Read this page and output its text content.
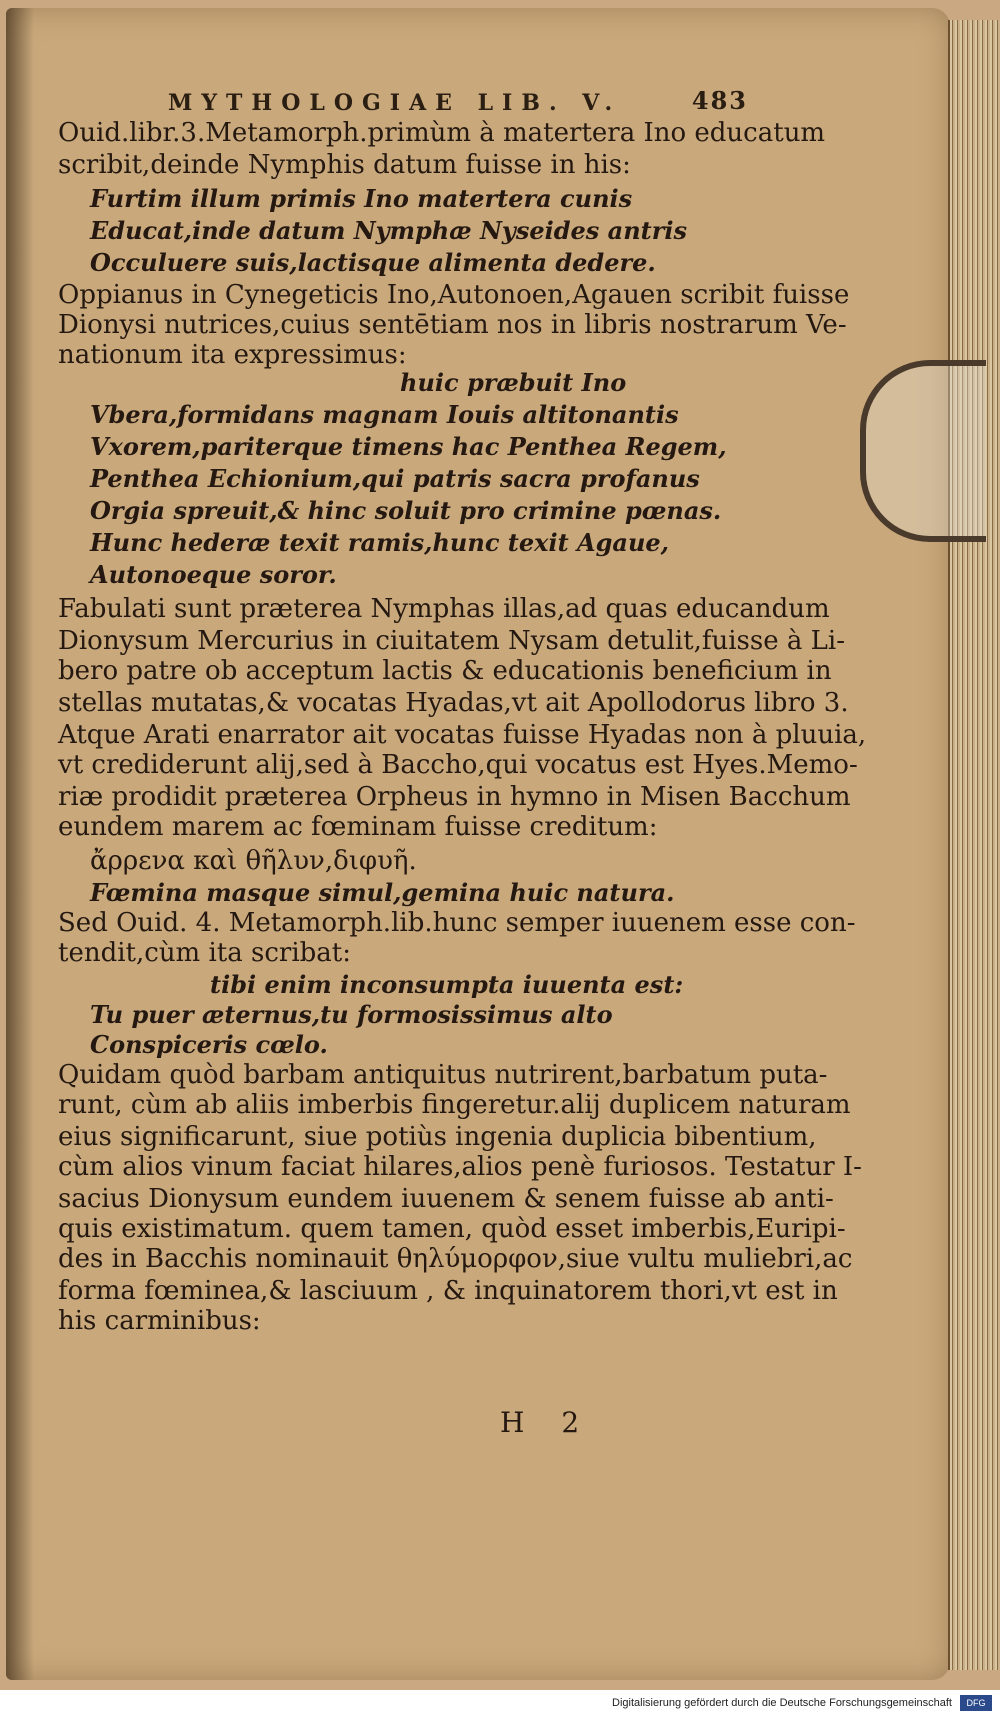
MYTHOLOGIAE LIB. V.	483
Ouid.libr.3.Metamorph.primùm à matertera Ino educatum
scribit,deinde Nymphis datum fuisse in his:
Furtim illum primis Ino matertera cunis
Educat,inde datum Nymphæ Nyseides antris
Occuluere suis,lactisque alimenta dedere.
Oppianus in Cynegeticis Ino,Autonoen,Agauen scribit fuisse
Dionysi nutrices,cuius sentētiam nos in libris nostrarum Ve-
nationum ita expressimus:
huic præbuit Ino
Vbera,formidans magnam Iouis altitonantis
Vxorem,pariterque timens hac Penthea Regem,
Penthea Echionium,qui patris sacra profanus
Orgia spreuit,& hinc soluit pro crimine pœnas.
Hunc hederæ texit ramis,hunc texit Agaue,
Autonoeque soror.
Fabulati sunt præterea Nymphas illas,ad quas educandum
Dionysum Mercurius in ciuitatem Nysam detulit,fuisse à Li-
bero patre ob acceptum lactis & educationis beneficium in
stellas mutatas,& vocatas Hyadas,vt ait Apollodorus libro 3.
Atque Arati enarrator ait vocatas fuisse Hyadas non à pluuia,
vt crediderunt alij,sed à Baccho,qui vocatus est Hyes.Memo-
riæ prodidit præterea Orpheus in hymno in Misen Bacchum
eundem marem ac fœminam fuisse creditum:
ἄρρενα καὶ θῆλυν,διφυῆ.
Fœmina masque simul,gemina huic natura.
Sed Ouid. 4. Metamorph.lib.hunc semper iuuenem esse con-
tendit,cùm ita scribat:
tibi enim inconsumpta iuuenta est:
Tu puer æternus,tu formosissimus alto
Conspiceris cœlo.
Quidam quòd barbam antiquitus nutrirent,barbatum puta-
runt, cùm ab aliis imberbis fingeretur.alij duplicem naturam
eius significarunt, siue potiùs ingenia duplicia bibentium,
cùm alios vinum faciat hilares,alios penè furiosos. Testatur I-
sacius Dionysum eundem iuuenem & senem fuisse ab anti-
quis existimatum. quem tamen, quòd esset imberbis,Euripi-
des in Bacchis nominauit θηλύμορφον,siue vultu muliebri,ac
forma fœminea,& lasciuum , & inquinatorem thori,vt est in
his carminibus:
H 2
Digitalisierung gefördert durch die Deutsche Forschungsgemeinschaft	DFG
